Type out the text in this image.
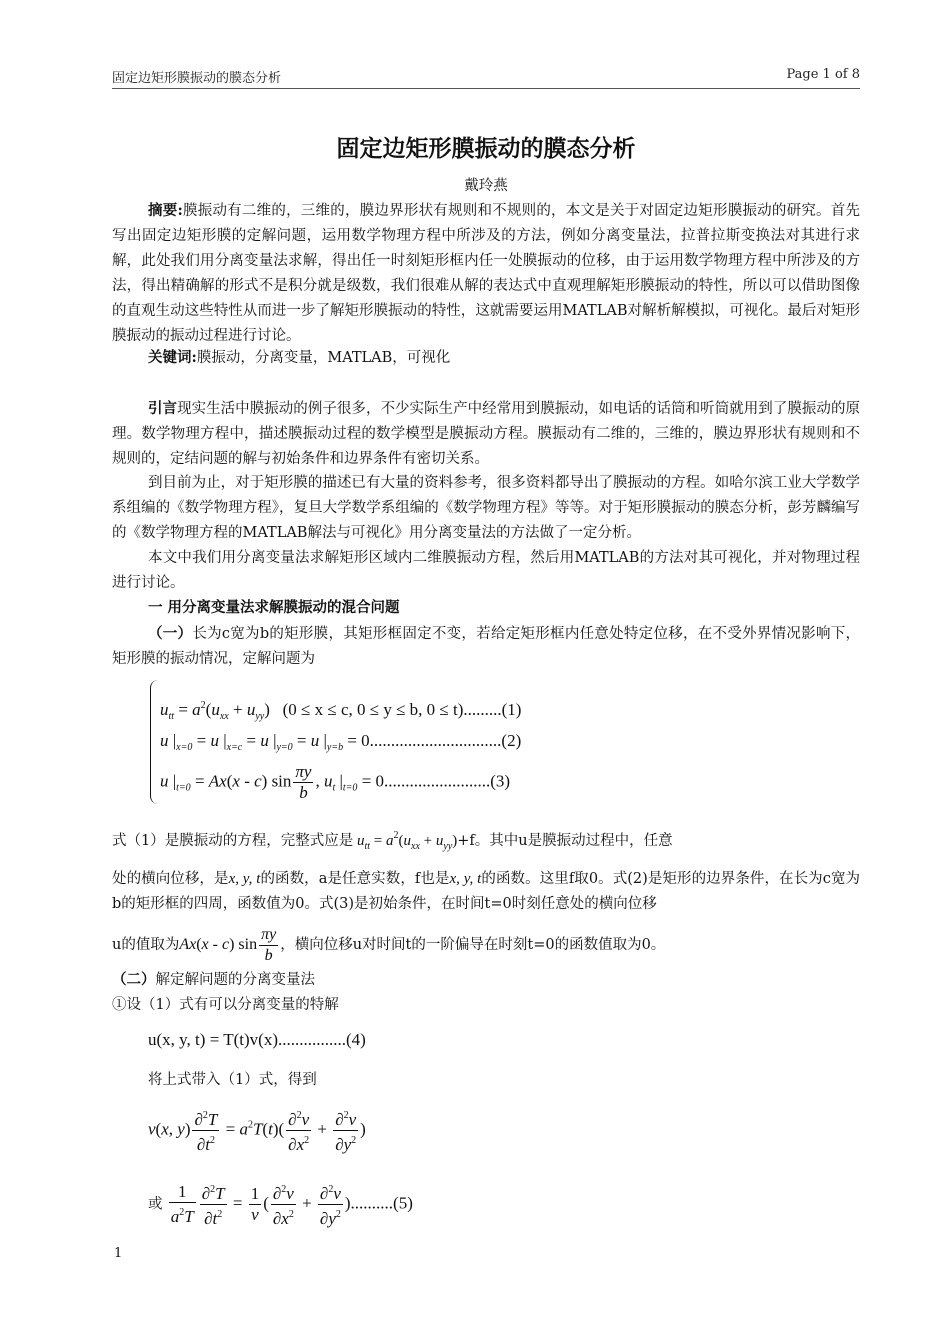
固定边矩形膜振动的膜态分析	Page 1 of 8
固定边矩形膜振动的膜态分析
戴玲燕
摘要:膜振动有二维的，三维的，膜边界形状有规则和不规则的，本文是关于对固定边矩形膜振动的研究。首先写出固定边矩形膜的定解问题，运用数学物理方程中所涉及的方法，例如分离变量法，拉普拉斯变换法对其进行求解，此处我们用分离变量法求解，得出任一时刻矩形框内任一处膜振动的位移，由于运用数学物理方程中所涉及的方法，得出精确解的形式不是积分就是级数，我们很难从解的表达式中直观理解矩形膜振动的特性，所以可以借助图像的直观生动这些特性从而进一步了解矩形膜振动的特性，这就需要运用MATLAB对解析解模拟，可视化。最后对矩形膜振动的振动过程进行讨论。
关键词:膜振动，分离变量，MATLAB，可视化
引言现实生活中膜振动的例子很多，不少实际生产中经常用到膜振动，如电话的话筒和听筒就用到了膜振动的原理。数学物理方程中，描述膜振动过程的数学模型是膜振动方程。膜振动有二维的，三维的，膜边界形状有规则和不规则的，定结问题的解与初始条件和边界条件有密切关系。
到目前为止，对于矩形膜的描述已有大量的资料参考，很多资料都导出了膜振动的方程。如哈尔滨工业大学数学系组编的《数学物理方程》，复旦大学数学系组编的《数学物理方程》等等。对于矩形膜振动的膜态分析，彭芳麟编写的《数学物理方程的MATLAB解法与可视化》用分离变量法的方法做了一定分析。
本文中我们用分离变量法求解矩形区域内二维膜振动方程，然后用MATLAB的方法对其可视化，并对物理过程进行讨论。
一 用分离变量法求解膜振动的混合问题
（一）长为c宽为b的矩形膜，其矩形框固定不变，若给定矩形框内任意处特定位移，在不受外界情况影响下，矩形膜的振动情况，定解问题为
$u_{tt} = a^2(u_{xx} + u_{yy}) (0 \le x \le c$, 0 ≤ y ≤ b, 0 ≤ t).........(1)
u $|_{x=0} = u$ $|_{x=c} = u$ $|_{y=0} = u$ $|_{y=b} = 0...............................(2)$
u $|_{t=0} = Ax(x - c)$ $\sin \frac{\pi y}{b}$ , $u_t$ $|_{t=0} = 0.........................(3)$
式（1）是膜振动的方程，完整式应是 $u_{tt} = a^2(u_{xx} + u_{yy})+f$。其中u是膜振动过程中，任意
处的横向位移，是x, y, t的函数，a是任意实数，f也是x, y, t的函数。这里f取0。式(2)是矩形的边界条件，在长为c宽为b的矩形框的四周，函数值为0。式(3)是初始条件，在时间t=0时刻任意处的横向位移
u的值取为Ax(x - c) $\sin \frac{\pi y}{b}$ ，横向位移u对时间t的一阶偏导在时刻t=0的函数值取为0。
（二）解定解问题的分离变量法
①设（1）式有可以分离变量的特解
u(x, y, t) = T(t)v(x)................(4)
将上式带入（1）式，得到
v(x, $y) \frac{\partial^2T}{\partial t^2} = a^2T(t)( \frac{\partial^2v}{\partial x^2} + \frac{\partial^2v}{\partial y^2}$ )
或 $\frac{1}{a^2T} \frac{\partial^2T}{\partial t^2} = \frac{1}{v}$ ( $\frac{\partial^2v}{\partial x^2} + \frac{\partial^2v}{\partial y^2} )..........(5)$
1
